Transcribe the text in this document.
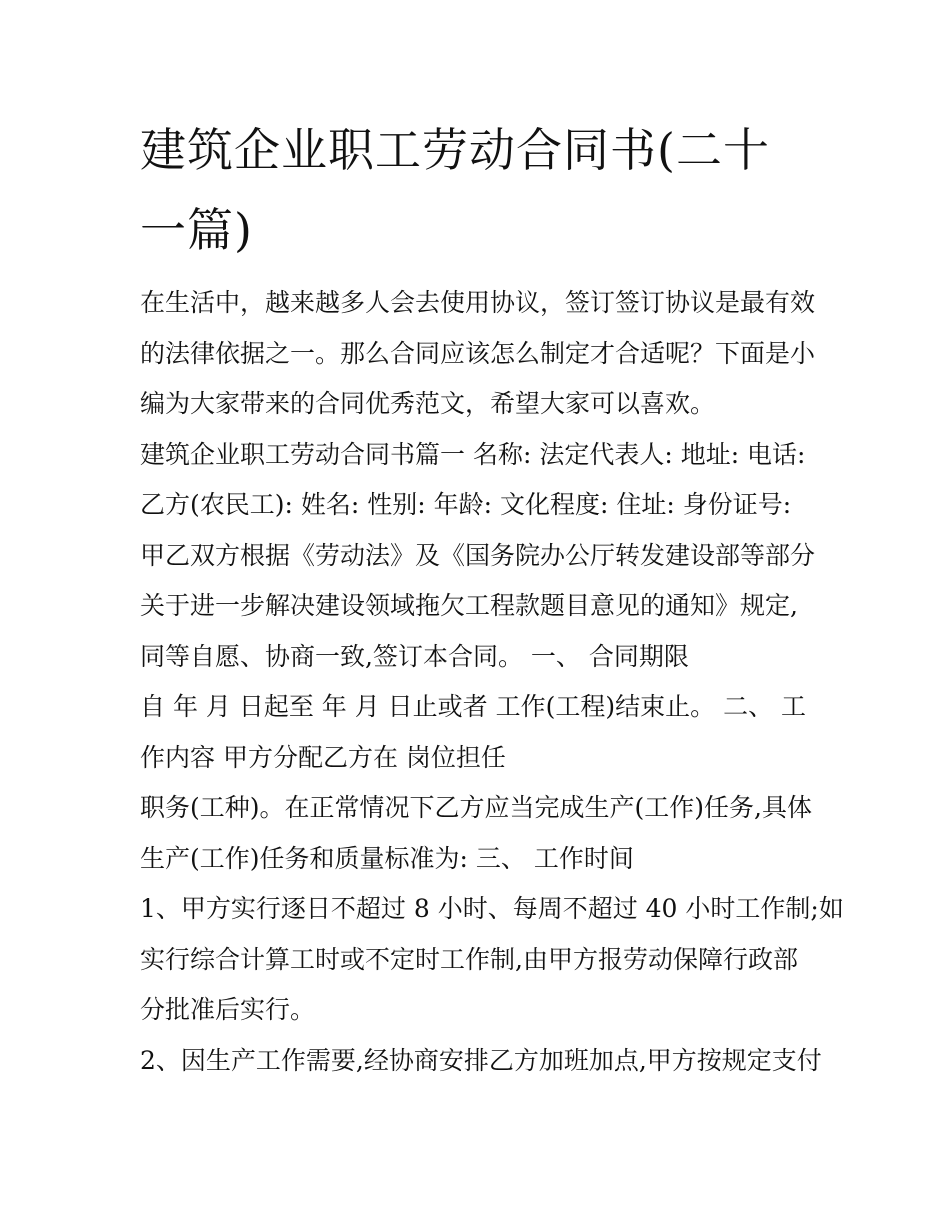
建筑企业职工劳动合同书(二十
一篇)

在生活中，越来越多人会去使用协议，签订签订协议是最有效

的法律依据之一。那么合同应该怎么制定才合适呢？下面是小

编为大家带来的合同优秀范文，希望大家可以喜欢。

建筑企业职工劳动合同书篇一 名称: 法定代表人: 地址: 电话:

乙方(农民工): 姓名: 性别: 年龄: 文化程度: 住址: 身份证号:

甲乙双方根据《劳动法》及《国务院办公厅转发建设部等部分

关于进一步解决建设领域拖欠工程款题目意见的通知》规定,

同等自愿、协商一致,签订本合同。 一、 合同期限

自 年 月 日起至 年 月 日止或者 工作(工程)结束止。 二、 工

作内容 甲方分配乙方在 岗位担任

职务(工种)。在正常情况下乙方应当完成生产(工作)任务,具体

生产(工作)任务和质量标准为: 三、 工作时间

1、甲方实行逐日不超过 8 小时、每周不超过 40 小时工作制;如

实行综合计算工时或不定时工作制,由甲方报劳动保障行政部

分批准后实行。

2、因生产工作需要,经协商安排乙方加班加点,甲方按规定支付
